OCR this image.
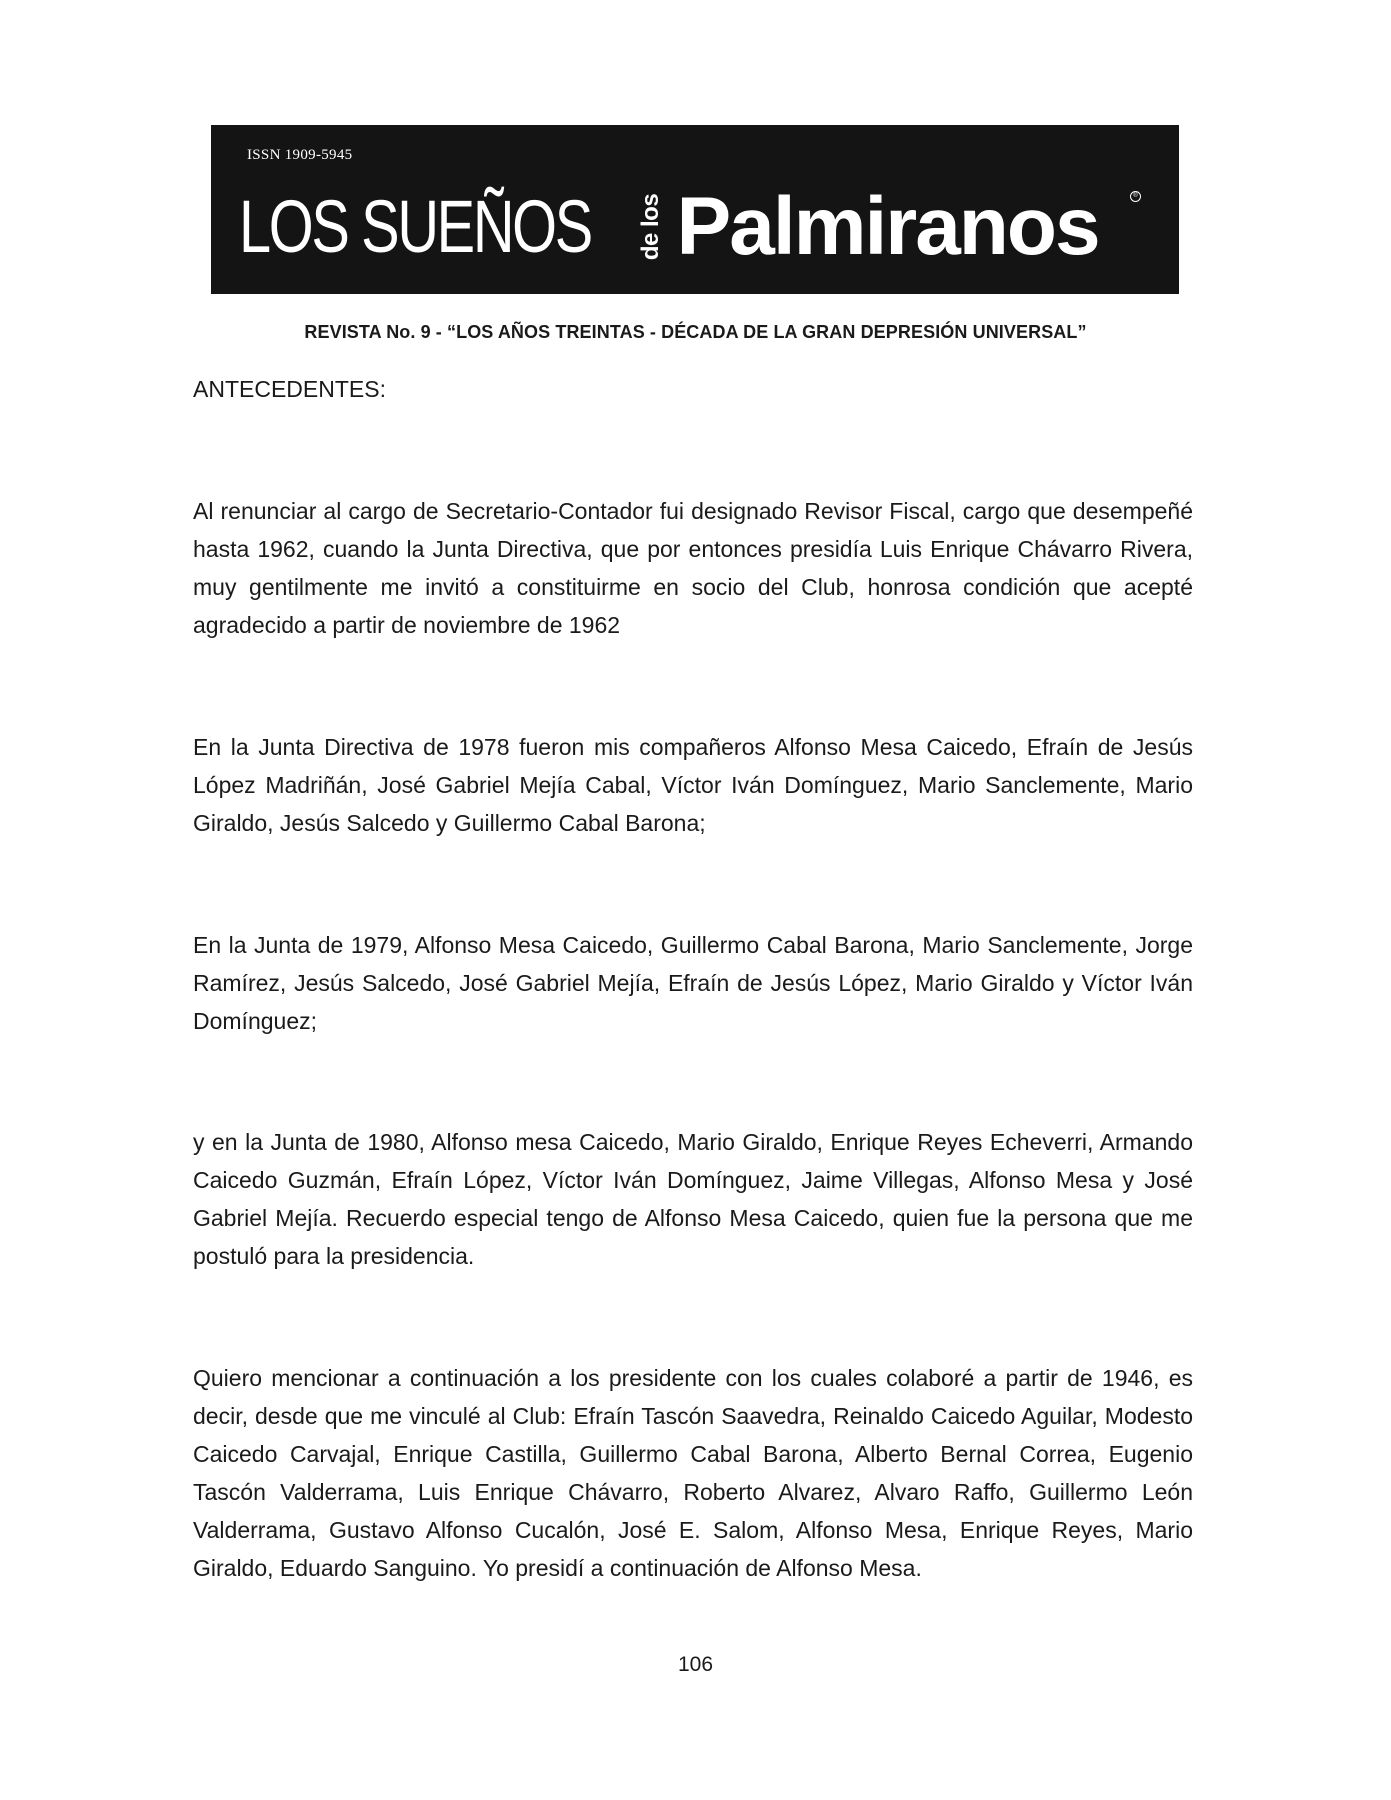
ISSN 1909-5945
LOS SUEÑOS de los Palmiranos	®
REVISTA No. 9 - “LOS AÑOS TREINTAS - DÉCADA DE LA GRAN DEPRESIÓN UNIVERSAL”
ANTECEDENTES:

Al renunciar al cargo de Secretario-Contador fui designado Revisor Fiscal, cargo que desempeñé hasta 1962, cuando la Junta Directiva, que por entonces presidía Luis Enrique Chávarro Rivera, muy gentilmente me invitó a constituirme en socio del Club, honrosa condición que acepté agradecido a partir de noviembre de 1962

En la Junta Directiva de 1978 fueron mis compañeros Alfonso Mesa Caicedo, Efraín de Jesús López Madriñán, José Gabriel Mejía Cabal, Víctor Iván Domínguez, Mario Sanclemente, Mario Giraldo, Jesús Salcedo y Guillermo Cabal Barona;

En la Junta de 1979, Alfonso Mesa Caicedo, Guillermo Cabal Barona, Mario Sanclemente, Jorge Ramírez, Jesús Salcedo, José Gabriel Mejía, Efraín de Jesús López, Mario Giraldo y Víctor Iván Domínguez;

y en la Junta de 1980, Alfonso mesa Caicedo, Mario Giraldo, Enrique Reyes Echeverri, Armando Caicedo Guzmán, Efraín López, Víctor Iván Domínguez, Jaime Villegas, Alfonso Mesa y José Gabriel Mejía. Recuerdo especial tengo de Alfonso Mesa Caicedo, quien fue la persona que me postuló para la presidencia.

Quiero mencionar a continuación a los presidente con los cuales colaboré a partir de 1946, es decir, desde que me vinculé al Club: Efraín Tascón Saavedra, Reinaldo Caicedo Aguilar, Modesto Caicedo Carvajal, Enrique Castilla, Guillermo Cabal Barona, Alberto Bernal Correa, Eugenio Tascón Valderrama, Luis Enrique Chávarro, Roberto Alvarez, Alvaro Raffo, Guillermo León Valderrama, Gustavo Alfonso Cucalón, José E. Salom, Alfonso Mesa, Enrique Reyes, Mario Giraldo, Eduardo Sanguino. Yo presidí a continuación de Alfonso Mesa.

106
